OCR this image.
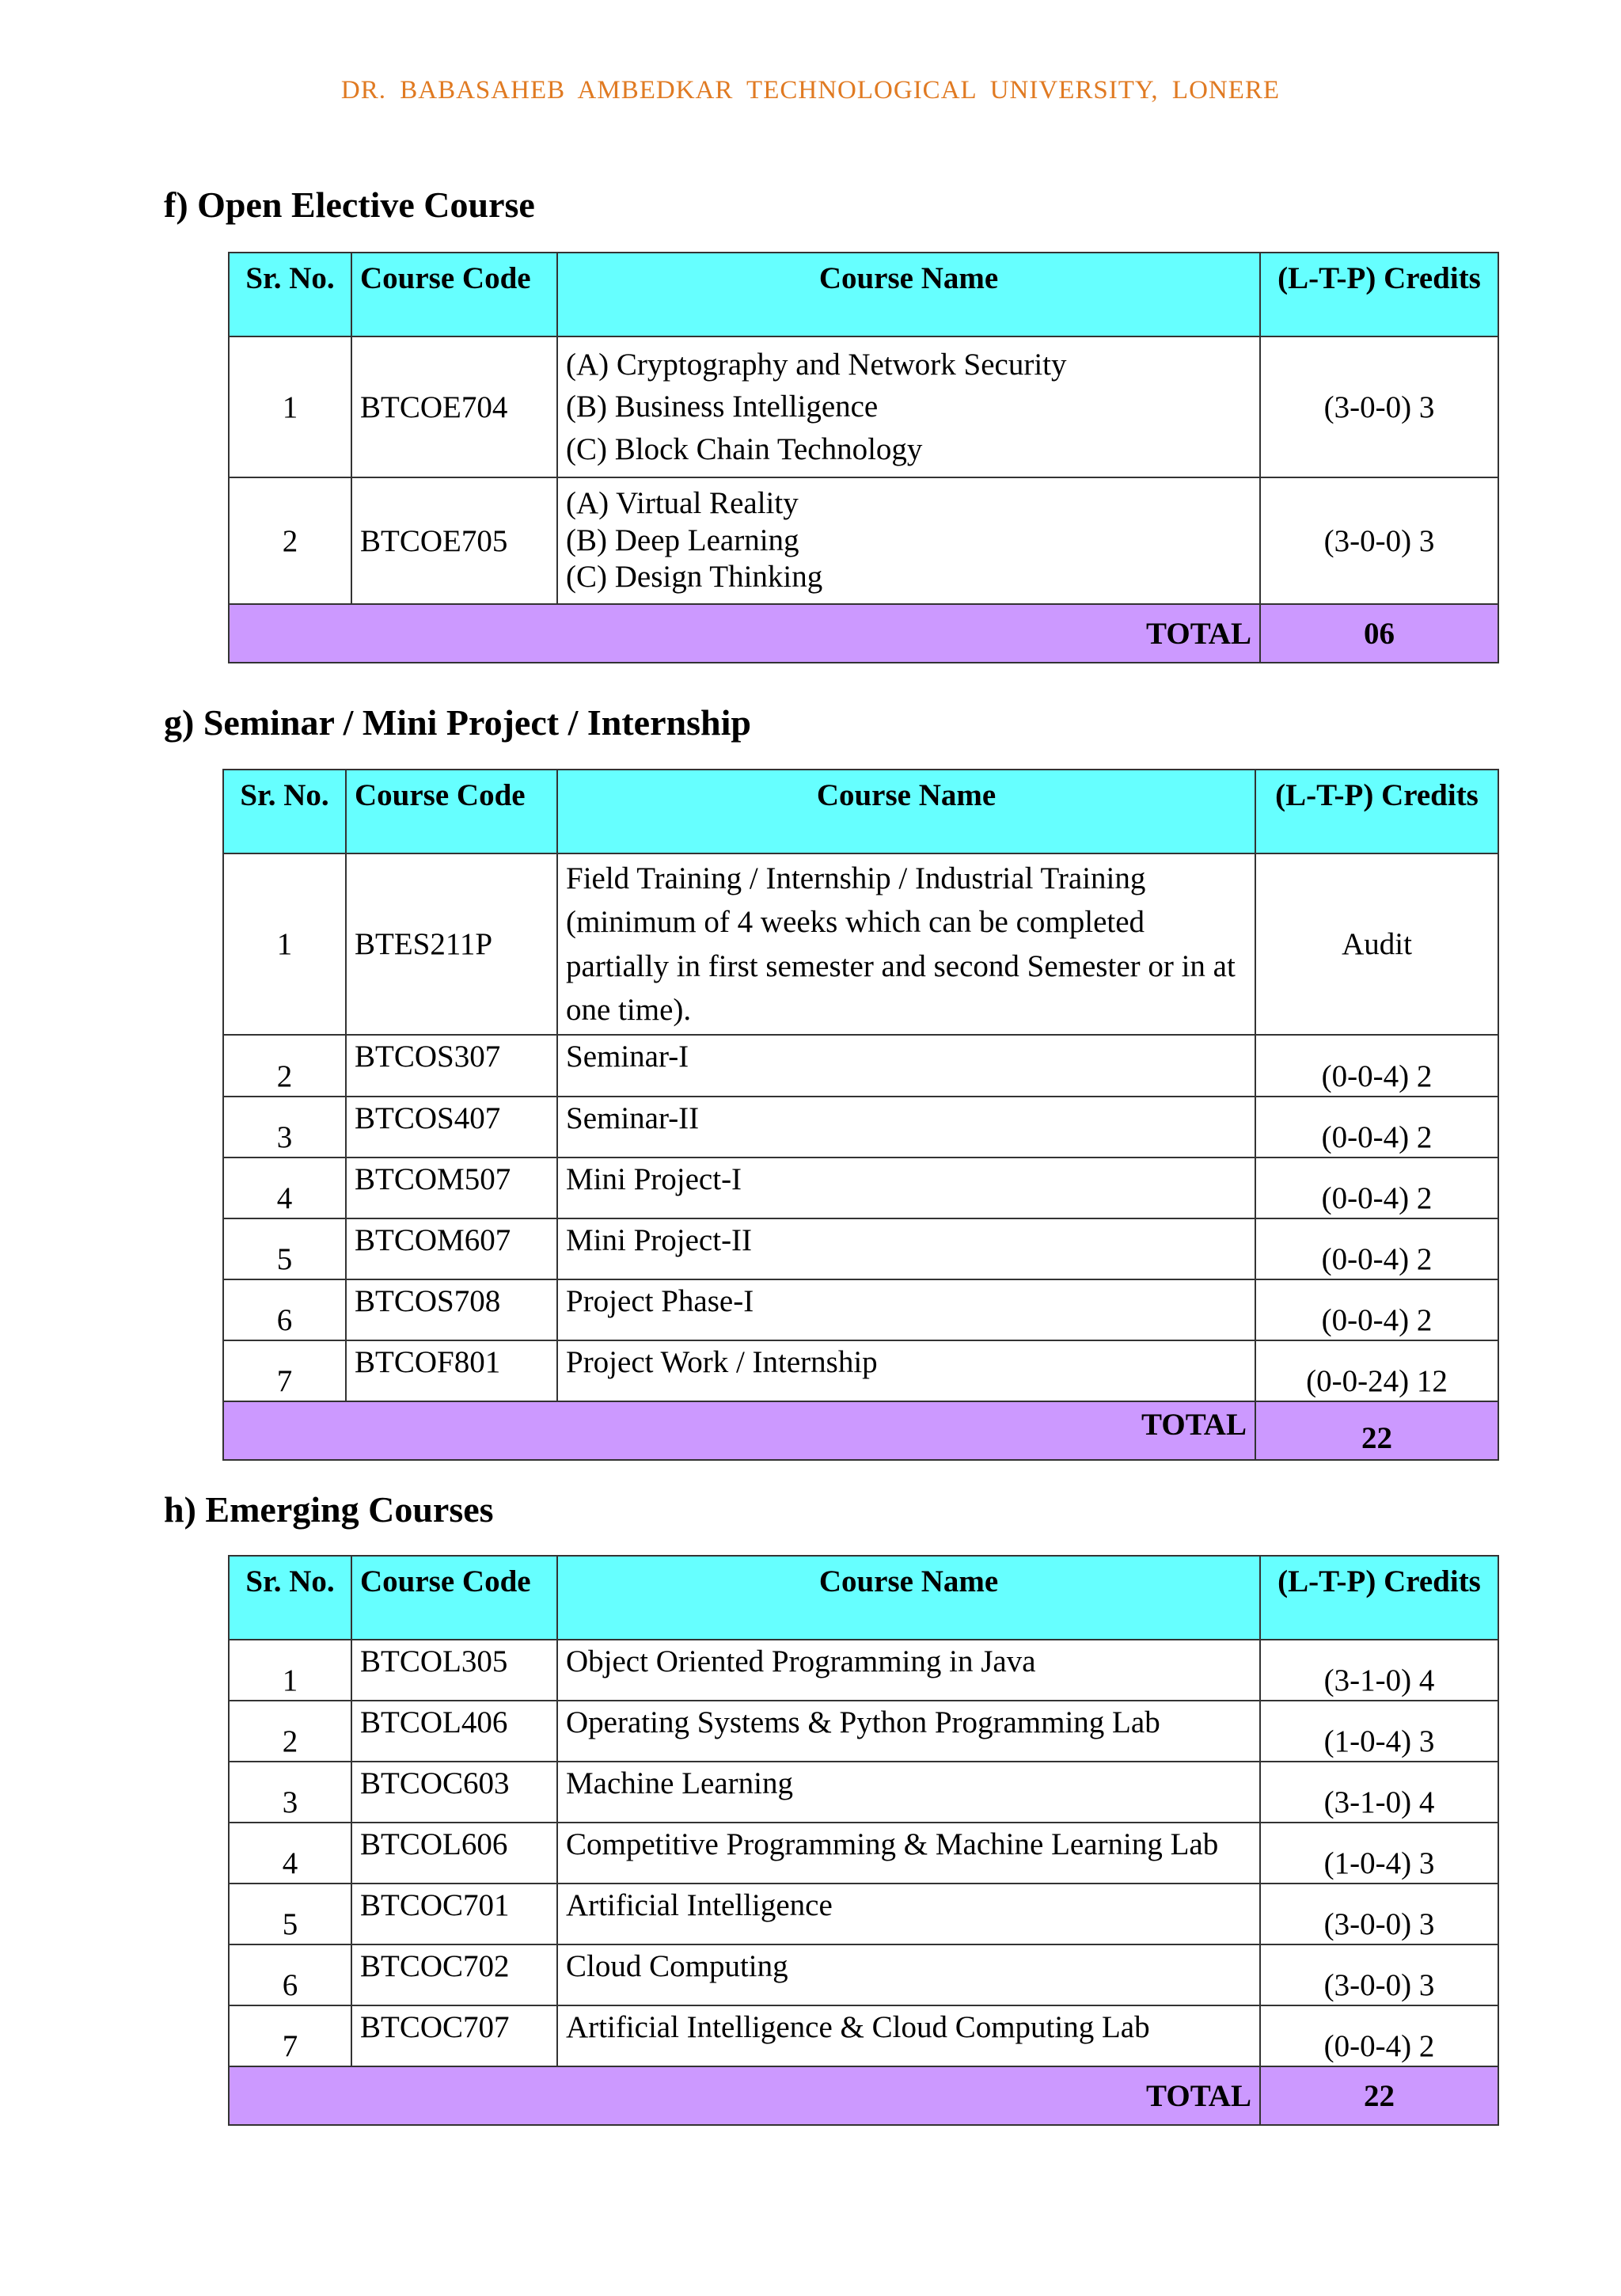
DR. BABASAHEB AMBEDKAR TECHNOLOGICAL UNIVERSITY, LONERE
f) Open Elective Course
Sr. No.	Course Code	Course Name	(L-T-P) Credits
1	BTCOE704	(A) Cryptography and Network Security
(B) Business Intelligence
(C) Block Chain Technology	(3-0-0) 3
2	BTCOE705	(A) Virtual Reality
(B) Deep Learning
(C) Design Thinking	(3-0-0) 3
TOTAL			06
g) Seminar / Mini Project / Internship
Sr. No.	Course Code	Course Name	(L-T-P) Credits
1	BTES211P	Field Training / Internship / Industrial Training (minimum of 4 weeks which can be completed partially in first semester and second Semester or in at one time).	Audit
2	BTCOS307	Seminar-I	(0-0-4) 2
3	BTCOS407	Seminar-II	(0-0-4) 2
4	BTCOM507	Mini Project-I	(0-0-4) 2
5	BTCOM607	Mini Project-II	(0-0-4) 2
6	BTCOS708	Project Phase-I	(0-0-4) 2
7	BTCOF801	Project Work / Internship	(0-0-24) 12
TOTAL			22
h) Emerging Courses
Sr. No.	Course Code	Course Name	(L-T-P) Credits
1	BTCOL305	Object Oriented Programming in Java	(3-1-0) 4
2	BTCOL406	Operating Systems & Python Programming Lab	(1-0-4) 3
3	BTCOC603	Machine Learning	(3-1-0) 4
4	BTCOL606	Competitive Programming & Machine Learning Lab	(1-0-4) 3
5	BTCOC701	Artificial Intelligence	(3-0-0) 3
6	BTCOC702	Cloud Computing	(3-0-0) 3
7	BTCOC707	Artificial Intelligence & Cloud Computing Lab	(0-0-4) 2
TOTAL			22
